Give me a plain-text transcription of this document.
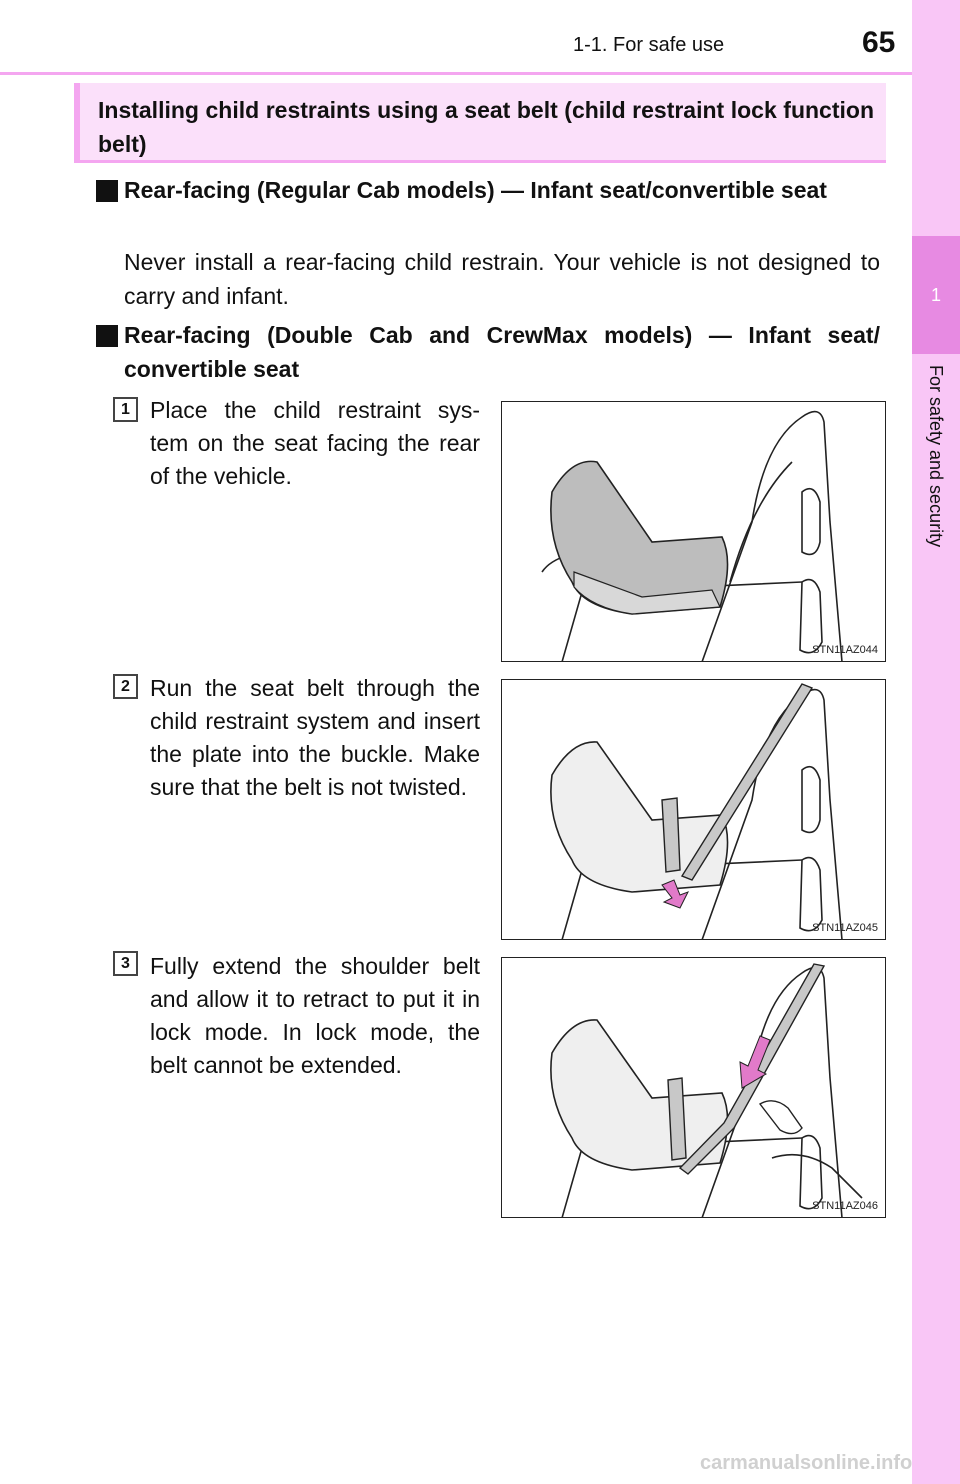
1-1. For safe use	65
1
For safety and security
Installing child restraints using a seat belt (child restraint lock function belt)
Rear-facing (Regular Cab models) — Infant seat/convertible seat
Never install a rear-facing child restrain. Your vehicle is not designed to carry and infant.
Rear-facing (Double Cab and CrewMax models) — Infant seat/ convertible seat
1 Place the child restraint sys- tem on the seat facing the rear of the vehicle.
STN11AZ044
2 Run the seat belt through the child restraint system and insert the plate into the buckle. Make sure that the belt is not twisted.
STN11AZ045
3 Fully extend the shoulder belt and allow it to retract to put it in lock mode. In lock mode, the belt cannot be extended.
STN11AZ046
carmanualsonline.info
